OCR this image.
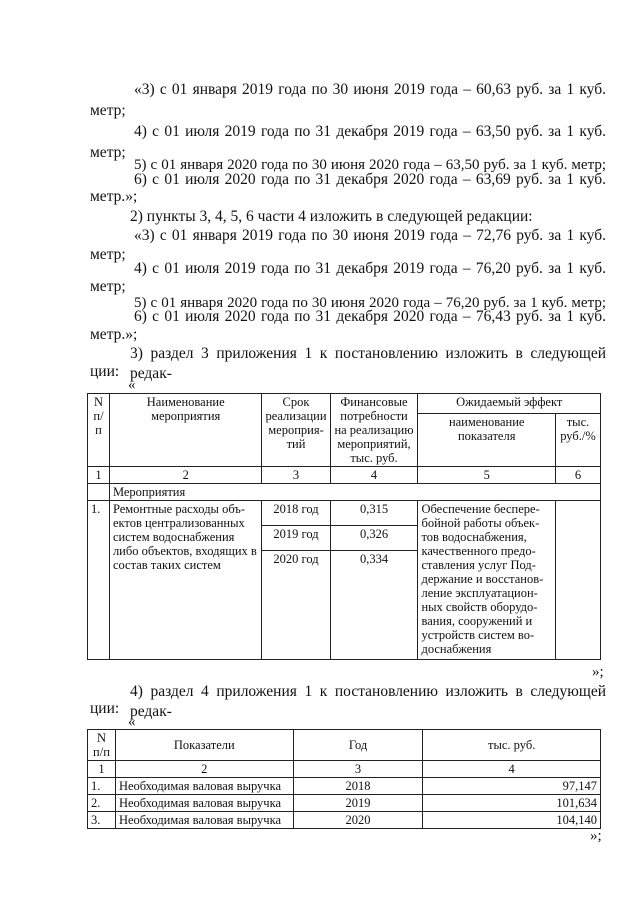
«3) с 01 января 2019 года по 30 июня 2019 года – 60,63 руб. за 1 куб.
метр;
4) с 01 июля 2019 года по 31 декабря 2019 года – 63,50 руб. за 1 куб.
метр;
5) с 01 января 2020 года по 30 июня 2020 года – 63,50 руб. за 1 куб. метр;
6) с 01 июля 2020 года по 31 декабря 2020 года – 63,69 руб. за 1 куб.
метр.»;
2) пункты 3, 4, 5, 6 части 4 изложить в следующей редакции:
«3) с 01 января 2019 года по 30 июня 2019 года – 72,76 руб. за 1 куб.
метр;
4) с 01 июля 2019 года по 31 декабря 2019 года – 76,20 руб. за 1 куб.
метр;
5) с 01 января 2020 года по 30 июня 2020 года – 76,20 руб. за 1 куб. метр;
6) с 01 июля 2020 года по 31 декабря 2020 года – 76,43 руб. за 1 куб.
метр.»;
3) раздел 3 приложения 1 к постановлению изложить в следующей редак-
ции:
«
N п/ п	Наименование мероприятия	Срок реализации мероприя-тий	Финансовые потребности на реализацию мероприятий, тыс. руб.	Ожидаемый эффект	
				наименование показателя	тыс. руб./%
1	2	3	4	5	6
	Мероприятия				
1.	Ремонтные расходы объ-ектов централизованных систем водоснабжения либо объектов, входящих в состав таких систем	2018 год	0,315	Обеспечение беспере-бойной работы объек-тов водоснабжения, качественного предо-ставления услуг Под-держание и восстанов-ление эксплуатацион-ных свойств оборудо-вания, сооружений и устройств систем во-доснабжения	
		2019 год	0,326		
		2020 год	0,334		
»;
4) раздел 4 приложения 1 к постановлению изложить в следующей редак-
ции:
«
N п/п	Показатели	Год	тыс. руб.
1	2	3	4
1.	Необходимая валовая выручка	2018	97,147
2.	Необходимая валовая выручка	2019	101,634
3.	Необходимая валовая выручка	2020	104,140
»;
